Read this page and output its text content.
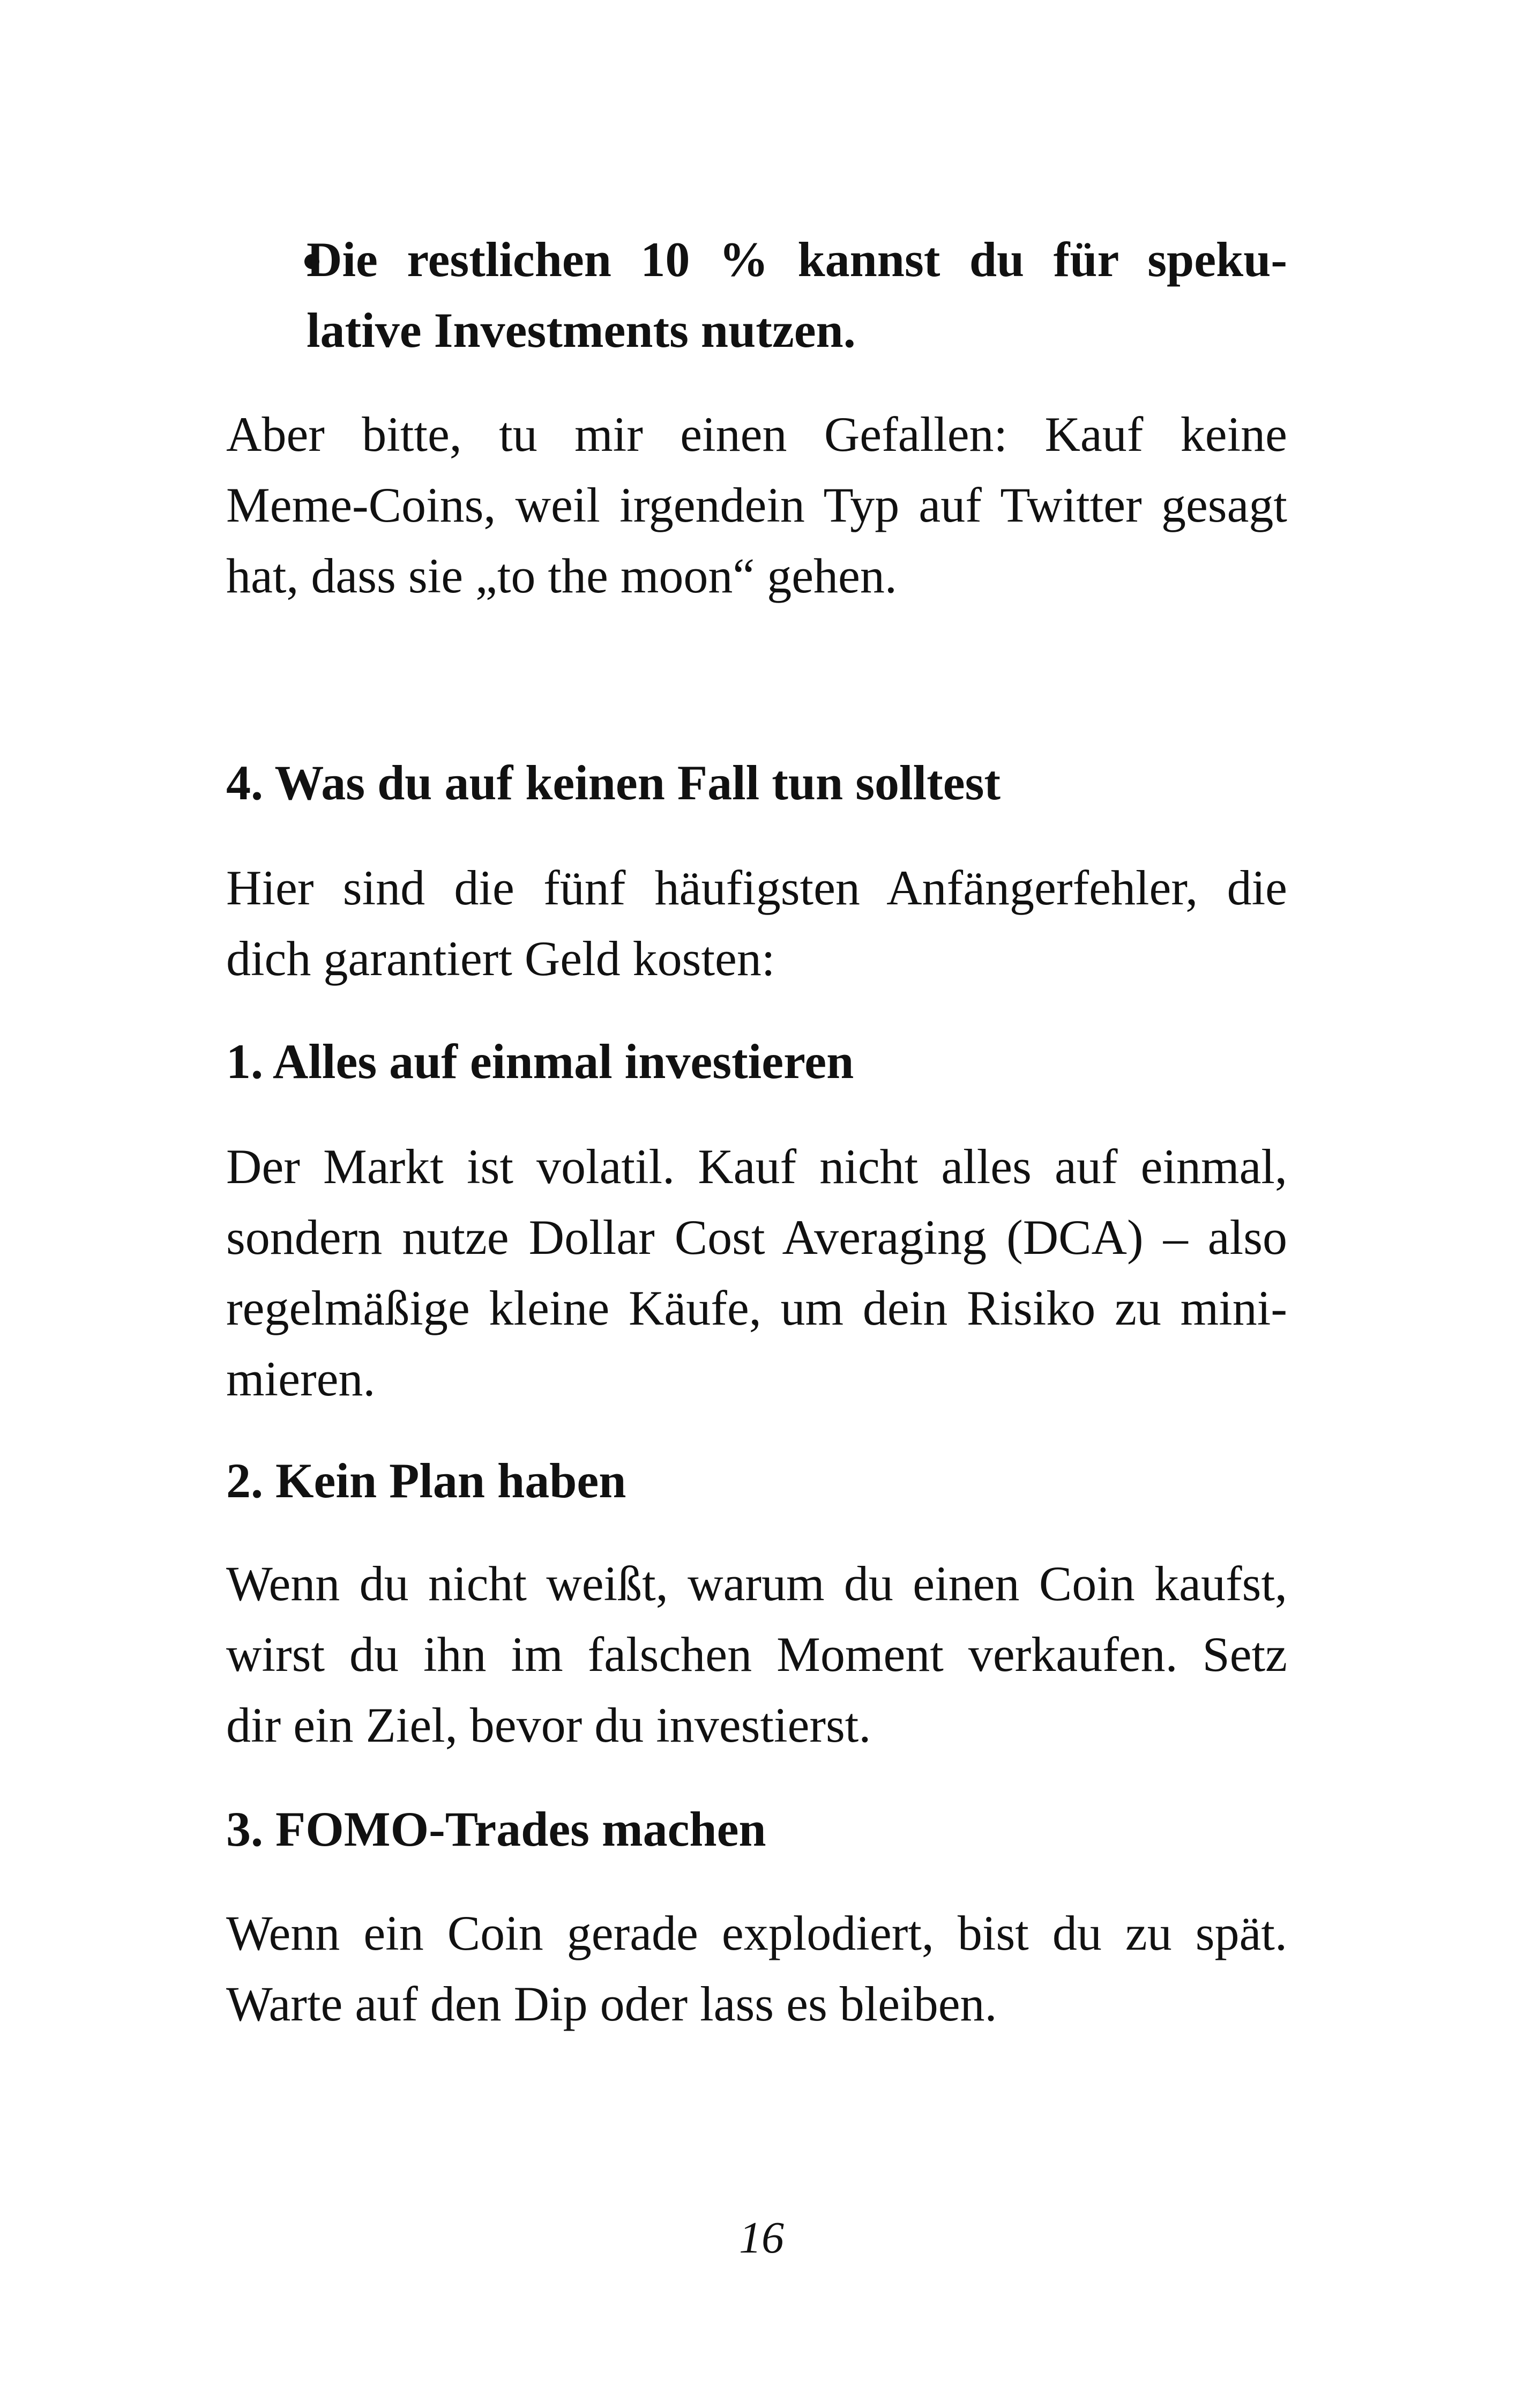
Die restlichen 10 % kannst du für speku-
lative Investments nutzen.
Aber bitte, tu mir einen Gefallen: Kauf keine
Meme-Coins, weil irgendein Typ auf Twitter gesagt
hat, dass sie „to the moon“ gehen.
4. Was du auf keinen Fall tun solltest
Hier sind die fünf häufigsten Anfängerfehler, die
dich garantiert Geld kosten:
1. Alles auf einmal investieren
Der Markt ist volatil. Kauf nicht alles auf einmal,
sondern nutze Dollar Cost Averaging (DCA) – also
regelmäßige kleine Käufe, um dein Risiko zu mini-
mieren.
2. Kein Plan haben
Wenn du nicht weißt, warum du einen Coin kaufst,
wirst du ihn im falschen Moment verkaufen. Setz
dir ein Ziel, bevor du investierst.
3. FOMO-Trades machen
Wenn ein Coin gerade explodiert, bist du zu spät.
Warte auf den Dip oder lass es bleiben.
16
